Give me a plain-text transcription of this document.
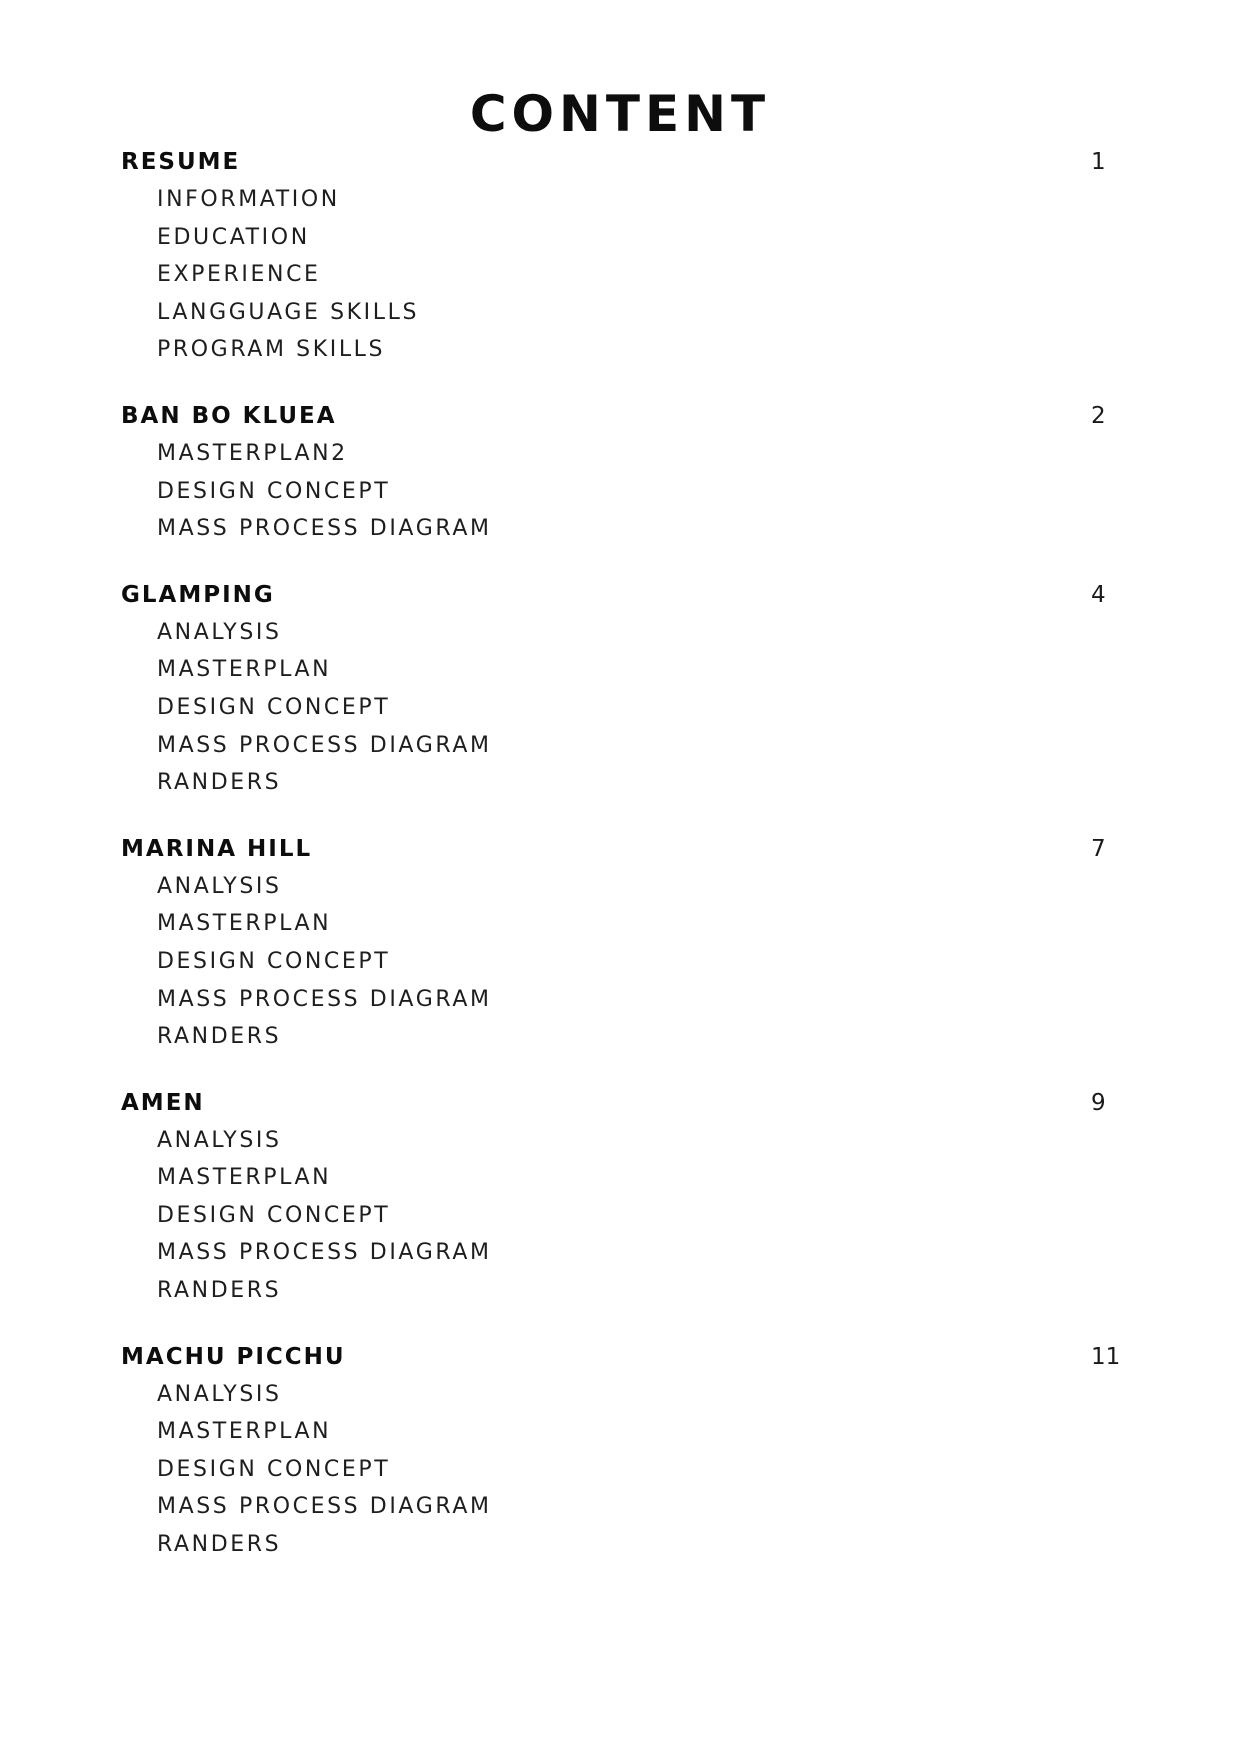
CONTENT
RESUME	1
INFORMATION
EDUCATION
EXPERIENCE
LANGGUAGE SKILLS
PROGRAM SKILLS
BAN BO KLUEA	2
MASTERPLAN2
DESIGN CONCEPT
MASS PROCESS DIAGRAM
GLAMPING	4
ANALYSIS
MASTERPLAN
DESIGN CONCEPT
MASS PROCESS DIAGRAM
RANDERS
MARINA HILL	7
ANALYSIS
MASTERPLAN
DESIGN CONCEPT
MASS PROCESS DIAGRAM
RANDERS
AMEN	9
ANALYSIS
MASTERPLAN
DESIGN CONCEPT
MASS PROCESS DIAGRAM
RANDERS
MACHU PICCHU	11
ANALYSIS
MASTERPLAN
DESIGN CONCEPT
MASS PROCESS DIAGRAM
RANDERS
